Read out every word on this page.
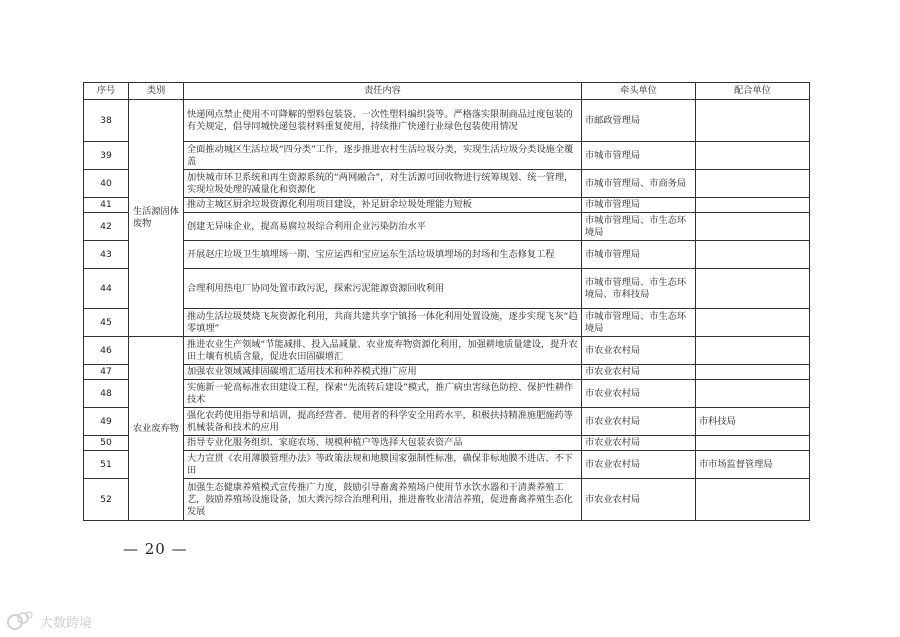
序号	类别	责任内容	牵头单位	配合单位
38	生活源固体废物	快递网点禁止使用不可降解的塑料包装袋、一次性塑料编织袋等。严格落实限制商品过度包装的有关规定，倡导同城快递包装材料重复使用，持续推广快递行业绿色包装使用情况	市邮政管理局	
39		全面推动城区生活垃圾“四分类”工作，逐步推进农村生活垃圾分类，实现生活垃圾分类设施全覆盖	市城市管理局	
40		加快城市环卫系统和再生资源系统的“两网融合”，对生活源可回收物进行统筹规划、统一管理，实现垃圾处理的减量化和资源化	市城市管理局、市商务局	
41		推动主城区厨余垃圾资源化利用项目建设，补足厨余垃圾处理能力短板	市城市管理局	
42		创建无异味企业，提高易腐垃圾综合利用企业污染防治水平	市城市管理局、市生态环境局	
43		开展赵庄垃圾卫生填埋场一期、宝应运西和宝应运东生活垃圾填埋场的封场和生态修复工程	市城市管理局	
44		合理利用热电厂协同处置市政污泥，探索污泥能源资源回收利用	市城市管理局、市生态环境局、市科技局	
45		推动生活垃圾焚烧飞灰资源化利用，共商共建共享宁镇扬一体化利用处置设施，逐步实现飞灰“趋零填埋”	市城市管理局、市生态环境局	
46	农业废弃物	推进农业生产领域“节能减排、投入品减量、农业废弃物资源化利用，加强耕地质量建设，提升农田土壤有机质含量，促进农田固碳增汇	市农业农村局	
47		加强农业领域减排固碳增汇适用技术和种养模式推广应用	市农业农村局	
48		实施新一轮高标准农田建设工程，探索“先流转后建设”模式，推广病虫害绿色防控、保护性耕作技术	市农业农村局	
49		强化农药使用指导和培训，提高经营者、使用者的科学安全用药水平，积极扶持精准施肥施药等机械装备和技术的应用	市农业农村局	市科技局
50		指导专业化服务组织、家庭农场、规模种植户等选择大包装农资产品	市农业农村局	
51		大力宣贯《农用薄膜管理办法》等政策法规和地膜国家强制性标准，确保非标地膜不进店、不下田	市农业农村局	市市场监督管理局
52		加强生态健康养殖模式宣传推广力度，鼓励引导畜禽养殖场户使用节水饮水器和干清粪养殖工艺，鼓励养殖场设施设备，加大粪污综合治理利用，推进畜牧业清洁养殖，促进畜禽养殖生态化发展	市农业农村局	
— 20 —
大数跨境
